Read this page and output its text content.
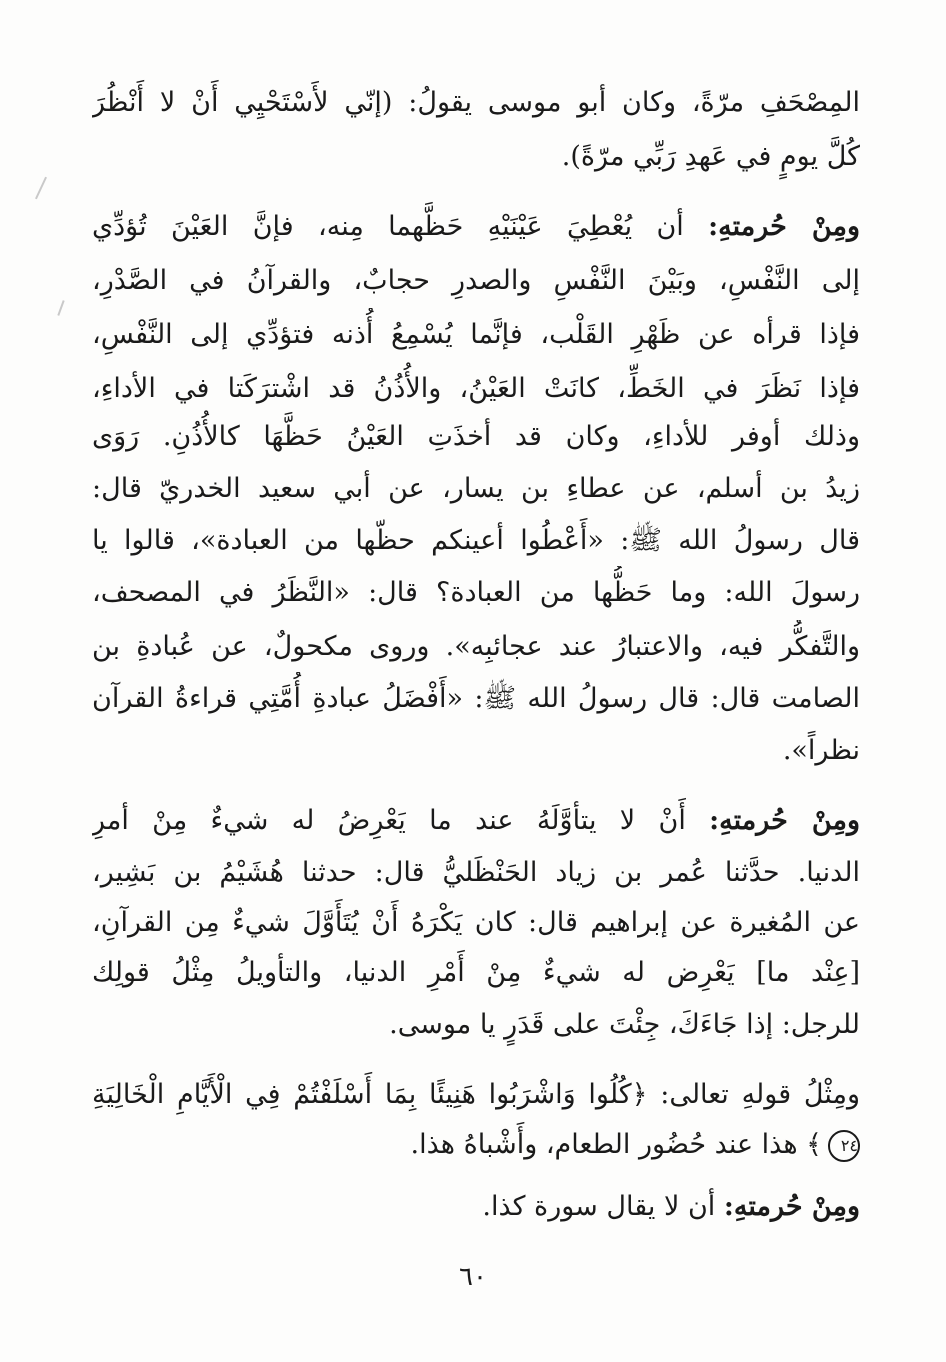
المِصْحَفِ مرّةً، وكان أبو موسى يقولُ: (إنّي لأَسْتَحْيِي أَنْ لا أَنْظُرَ
كُلَّ يومٍ في عَهدِ رَبِّي مرّةً).
ومِنْ حُرمتهِ: أن يُعْطِيَ عَيْنَيْهِ حَظَّهما مِنه، فإنَّ العَيْنَ تُؤدِّي
إلى النَّفْسِ، وبَيْنَ النَّفْسِ والصدرِ حجابٌ، والقرآنُ في الصَّدْرِ،
فإذا قرأه عن ظَهْرِ القَلْب، فإنَّما يُسْمِعُ أُذنه فتؤدِّي إلى النَّفْسِ،
فإذا نَظَرَ في الخَطِّ، كانَتْ العَيْنُ، والأُذُنُ قد اشْترَكَتا في الأداءِ،
وذلك أوفر للأداءِ، وكان قد أخذَتِ العَيْنُ حَظَّهَا كالأُذُنِ. رَوَى
زيدُ بن أسلم، عن عطاءِ بن يسار، عن أبي سعيد الخدريّ قال:
قال رسولُ الله ﷺ: «أَعْطُوا أعينكم حظّها من العبادة»، قالوا يا
رسولَ الله: وما حَظُّها من العبادة؟ قال: «النَّظَرُ في المصحف،
والتَّفكُّر فيه، والاعتبارُ عند عجائبِه». وروى مكحولٌ، عن عُبادةِ بن
الصامت قال: قال رسولُ الله ﷺ: «أَفْضَلُ عبادةِ أُمَّتِي قراءةُ القرآن
نظراً».
ومِنْ حُرمتهِ: أَنْ لا يتأوَّلَهُ عند ما يَعْرِضُ له شيءٌ مِنْ أمرِ
الدنيا. حدَّثنا عُمر بن زياد الحَنْظَليُّ قال: حدثنا هُشَيْمُ بن بَشِير،
عن المُغيرة عن إبراهيم قال: كان يَكْرَهُ أَنْ يُتَأَوَّلَ شيءٌ مِن القرآنِ،
[عِنْد ما] يَعْرِض له شيءٌ مِنْ أَمْرِ الدنيا، والتأويلُ مِثْلُ قولِك
للرجل: إذا جَاءَكَ، جِئْتَ على قَدَرٍ يا موسى.
ومِثْلُ قولهِ تعالى: ﴿كُلُوا وَاشْرَبُوا هَنِيئًا بِمَا أَسْلَفْتُمْ فِي الْأَيَّامِ الْخَالِيَةِ
٢٤﴾ هذا عند حُضُور الطعام، وأَشْباهُ هذا.
ومِنْ حُرمتهِ: أن لا يقال سورة كذا.
٦٠
